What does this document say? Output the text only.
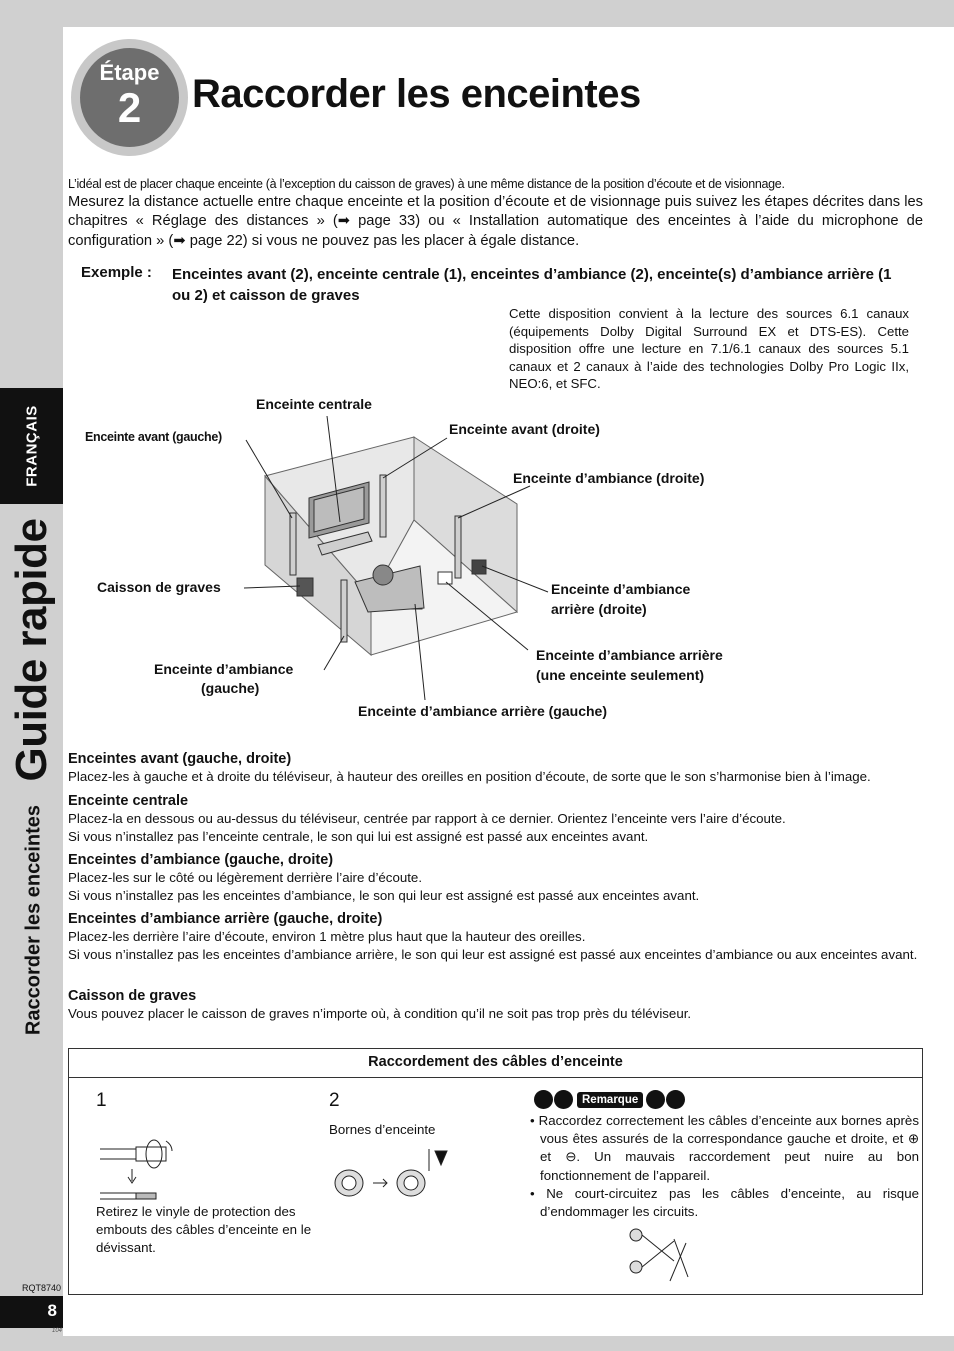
FRANÇAIS
Guide rapide
Raccorder les enceintes
RQT8740
8
104
Étape
2	Raccorder les enceintes
L’idéal est de placer chaque enceinte (à l’exception du caisson de graves) à une même distance de la position d’écoute et de visionnage.

Mesurez la distance actuelle entre chaque enceinte et la position d’écoute et de visionnage puis suivez les étapes décrites dans les chapitres « Réglage des distances » (➡ page 33) ou « Installation automatique des enceintes à l’aide du microphone de configuration » (➡ page 22) si vous ne pouvez pas les placer à égale distance.

Exemple : Enceintes avant (2), enceinte centrale (1), enceintes d’ambiance (2), enceinte(s) d’ambiance arrière (1 ou 2) et caisson de graves

Cette disposition convient à la lecture des sources 6.1 canaux (équipements Dolby Digital Surround EX et DTS-ES). Cette disposition offre une lecture en 7.1/6.1 canaux des sources 5.1 canaux et 2 canaux à l’aide des technologies Dolby Pro Logic IIx, NEO:6, et SFC.

Enceinte centrale
Enceinte avant (gauche)	Enceinte avant (droite)
Enceinte d’ambiance (droite)
Caisson de graves	Enceinte d’ambiance
arrière (droite)
Enceinte d’ambiance arrière
(une enceinte seulement)
Enceinte d’ambiance
(gauche)
Enceinte d’ambiance arrière (gauche)
Enceintes avant (gauche, droite)

Placez-les à gauche et à droite du téléviseur, à hauteur des oreilles en position d’écoute, de sorte que le son s’harmonise bien à l’image.

Enceinte centrale

Placez-la en dessous ou au-dessus du téléviseur, centrée par rapport à ce dernier. Orientez l’enceinte vers l’aire d’écoute.

Si vous n’installez pas l’enceinte centrale, le son qui lui est assigné est passé aux enceintes avant.

Enceintes d’ambiance (gauche, droite)

Placez-les sur le côté ou légèrement derrière l’aire d’écoute.

Si vous n’installez pas les enceintes d’ambiance, le son qui leur est assigné est passé aux enceintes avant.

Enceintes d’ambiance arrière (gauche, droite)

Placez-les derrière l’aire d’écoute, environ 1 mètre plus haut que la hauteur des oreilles.

Si vous n’installez pas les enceintes d’ambiance arrière, le son qui leur est assigné est passé aux enceintes d’ambiance ou aux enceintes avant.

Caisson de graves

Vous pouvez placer le caisson de graves n’importe où, à condition qu’il ne soit pas trop près du téléviseur.

Raccordement des câbles d’enceinte
1
Retirez le vinyle de protection des embouts des câbles d’enceinte en le dévissant.
2
Bornes d’enceinte
Remarque
• Raccordez correctement les câbles d’enceinte aux bornes après vous êtes assurés de la correspondance gauche et droite, et ⊕ et ⊖. Un mauvais raccordement peut nuire au bon fonctionnement de l’appareil.
• Ne court-circuitez pas les câbles d’enceinte, au risque d’endommager les circuits.
